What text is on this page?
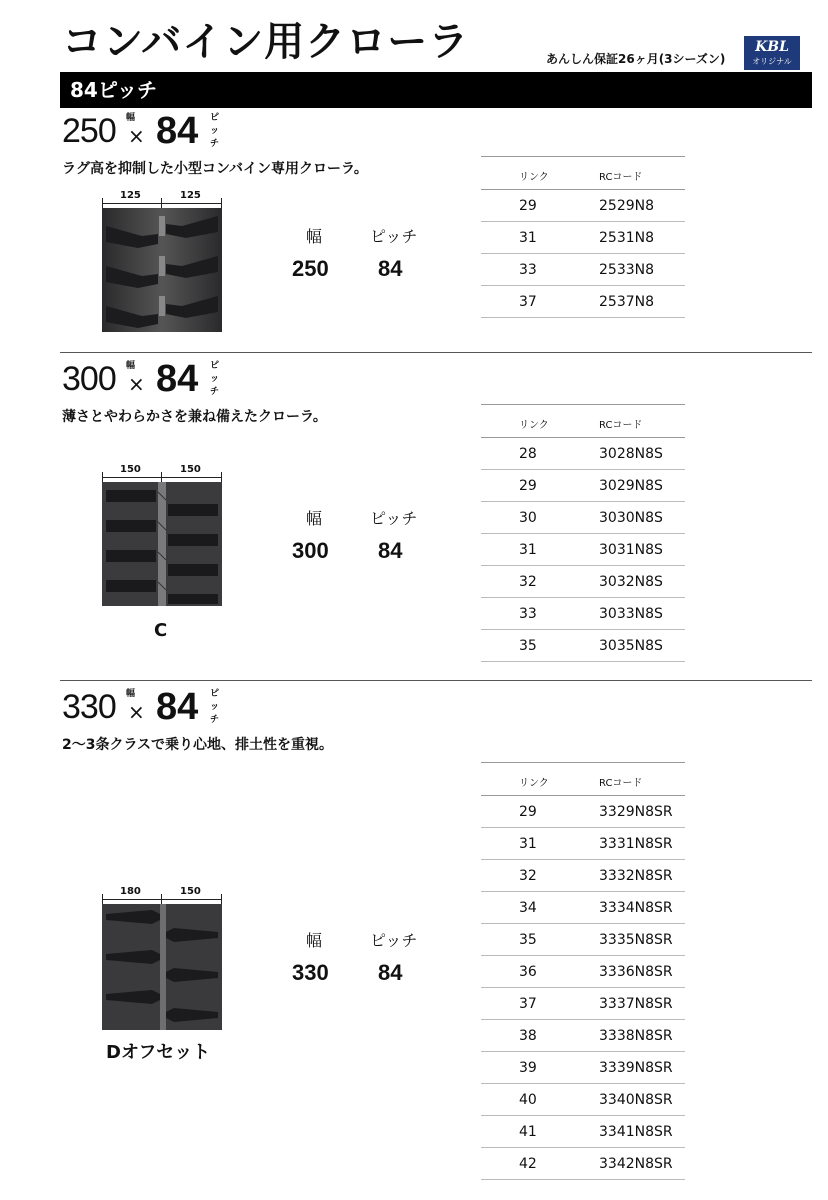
コンバイン用クローラ	あんしん保証26ヶ月(3シーズン)
KBL
オリジナル
84ピッチ
250 幅
× 84 ピッチ
ラグ高を抑制した小型コンバイン専用クローラ。
125	125
幅	ピッチ
250 84
リンク	RCコード
29	2529N8
31	2531N8
33	2533N8
37	2537N8
300 幅
× 84 ピッチ
薄さとやわらかさを兼ね備えたクローラ。
150	150
C
幅	ピッチ
300 84
リンク	RCコード
28	3028N8S
29	3029N8S
30	3030N8S
31	3031N8S
32	3032N8S
33	3033N8S
35	3035N8S
330 幅
× 84 ピッチ
2～3条クラスで乗り心地、排土性を重視。
180	150
Dオフセット
幅	ピッチ
330 84
リンク	RCコード
29	3329N8SR
31	3331N8SR
32	3332N8SR
34	3334N8SR
35	3335N8SR
36	3336N8SR
37	3337N8SR
38	3338N8SR
39	3339N8SR
40	3340N8SR
41	3341N8SR
42	3342N8SR
